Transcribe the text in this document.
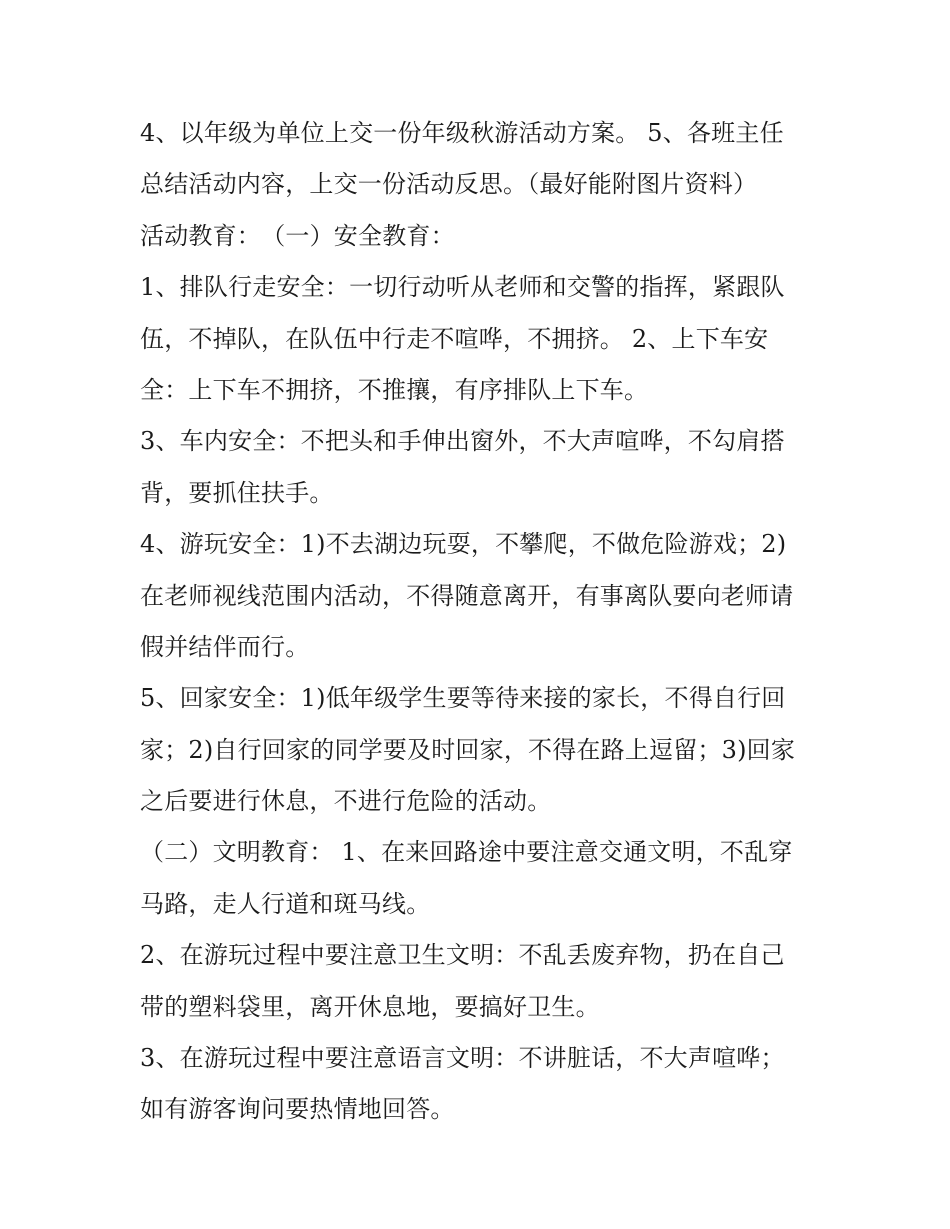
4、以年级为单位上交一份年级秋游活动方案。 5、各班主任
总结活动内容，上交一份活动反思。（最好能附图片资料）
活动教育：　（一）安全教育：
1、排队行走安全：一切行动听从老师和交警的指挥，紧跟队
伍，不掉队，在队伍中行走不喧哗，不拥挤。 2、上下车安
全：上下车不拥挤，不推攘，有序排队上下车。
3、车内安全：不把头和手伸出窗外，不大声喧哗，不勾肩搭
背，要抓住扶手。
4、游玩安全：1)不去湖边玩耍，不攀爬，不做危险游戏；2)
在老师视线范围内活动，不得随意离开，有事离队要向老师请
假并结伴而行。
5、回家安全：1)低年级学生要等待来接的家长，不得自行回
家；2)自行回家的同学要及时回家，不得在路上逗留；3)回家
之后要进行休息，不进行危险的活动。
（二）文明教育： 1、在来回路途中要注意交通文明，不乱穿
马路，走人行道和斑马线。
2、在游玩过程中要注意卫生文明：不乱丢废弃物，扔在自己
带的塑料袋里，离开休息地，要搞好卫生。
3、在游玩过程中要注意语言文明：不讲脏话，不大声喧哗；
如有游客询问要热情地回答。
